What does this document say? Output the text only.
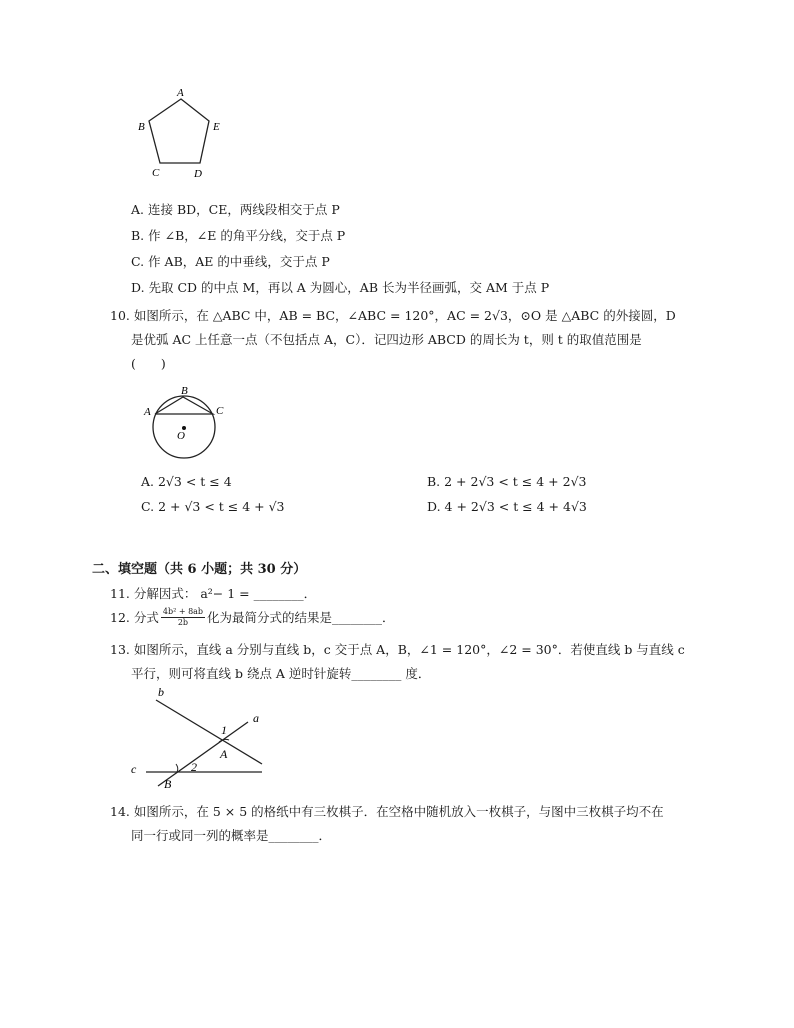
A
B	E
C	D
A. 连接 BD，CE，两线段相交于点 P
B. 作 ∠B，∠E 的角平分线，交于点 P
C. 作 AB，AE 的中垂线，交于点 P
D. 先取 CD 的中点 M，再以 A 为圆心，AB 长为半径画弧，交 AM 于点 P
10. 如图所示，在 △ABC 中，AB = BC，∠ABC = 120°，AC = 2√3，⊙O 是 △ABC 的外接圆，D
是优弧 AC 上任意一点（不包括点 A，C）．记四边形 ABCD 的周长为 t，则 t 的取值范围是
(　　)
A
B
C
O
A. 2√3 < t ≤ 4	B. 2 + 2√3 < t ≤ 4 + 2√3
C. 2 + √3 < t ≤ 4 + √3	D. 4 + 2√3 < t ≤ 4 + 4√3
二、填空题（共 6 小题；共 30 分）
11. 分解因式： a²− 1 = ________．
12. 分式 $\frac{\text{4b² + 8ab}}{2b}$ 化为最简分式的结果是________．
13. 如图所示，直线 a 分别与直线 b，c 交于点 A，B，∠1 = 120°，∠2 = 30°．若使直线 b 与直线 c
平行，则可将直线 b 绕点 A 逆时针旋转________ 度．
b
a
c
A
B
1
2
14. 如图所示，在 5 × 5 的格纸中有三枚棋子．在空格中随机放入一枚棋子，与图中三枚棋子均不在
同一行或同一列的概率是________．
